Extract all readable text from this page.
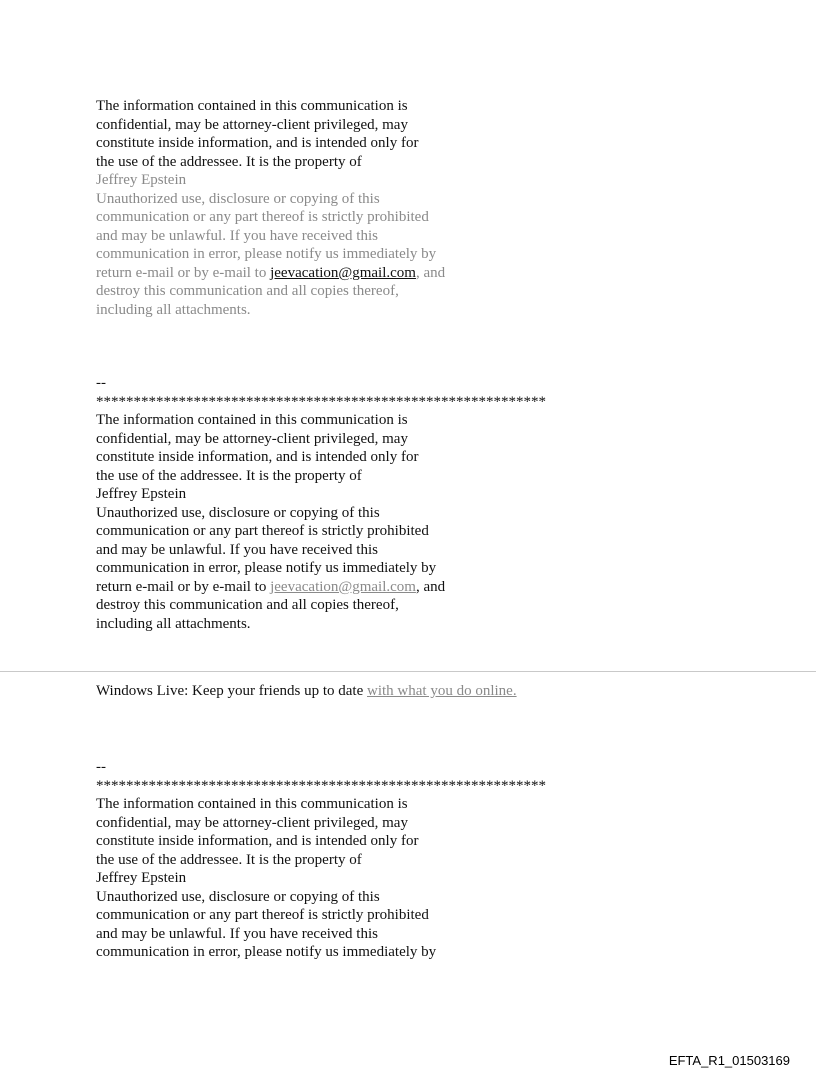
The information contained in this communication is
confidential, may be attorney-client privileged, may
constitute inside information, and is intended only for
the use of the addressee. It is the property of
Jeffrey Epstein
Unauthorized use, disclosure or copying of this
communication or any part thereof is strictly prohibited
and may be unlawful. If you have received this
communication in error, please notify us immediately by
return e-mail or by e-mail to jeevacation@gmail.com, and
destroy this communication and all copies thereof,
including all attachments.
--
************************************************************
The information contained in this communication is
confidential, may be attorney-client privileged, may
constitute inside information, and is intended only for
the use of the addressee. It is the property of
Jeffrey Epstein
Unauthorized use, disclosure or copying of this
communication or any part thereof is strictly prohibited
and may be unlawful. If you have received this
communication in error, please notify us immediately by
return e-mail or by e-mail to jeevacation@gmail.com, and
destroy this communication and all copies thereof,
including all attachments.
Windows Live: Keep your friends up to date with what you do online.
--
************************************************************
The information contained in this communication is
confidential, may be attorney-client privileged, may
constitute inside information, and is intended only for
the use of the addressee. It is the property of
Jeffrey Epstein
Unauthorized use, disclosure or copying of this
communication or any part thereof is strictly prohibited
and may be unlawful. If you have received this
communication in error, please notify us immediately by
EFTA_R1_01503169
